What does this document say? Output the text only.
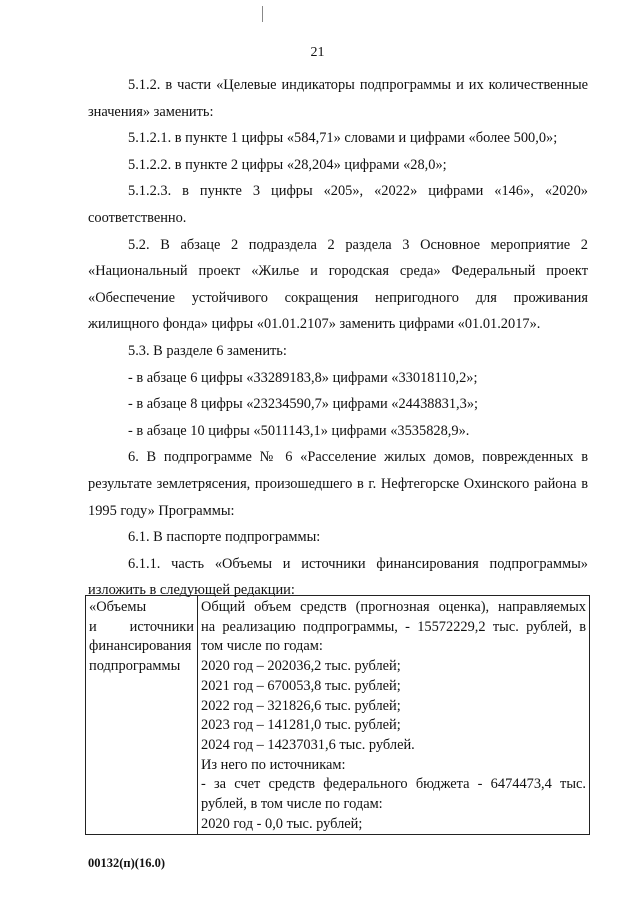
21

5.1.2. в части «Целевые индикаторы подпрограммы и их количественные значения» заменить:

5.1.2.1. в пункте 1 цифры «584,71» словами и цифрами «более 500,0»;

5.1.2.2. в пункте 2 цифры «28,204» цифрами «28,0»;

5.1.2.3. в пункте 3 цифры «205», «2022» цифрами «146», «2020» соответственно.

5.2. В абзаце 2 подраздела 2 раздела 3 Основное мероприятие 2 «Национальный проект «Жилье и городская среда» Федеральный проект «Обеспечение устойчивого сокращения непригодного для проживания жилищного фонда» цифры «01.01.2107» заменить цифрами «01.01.2017».

5.3. В разделе 6 заменить:

- в абзаце 6 цифры «33289183,8» цифрами «33018110,2»;

- в абзаце 8 цифры «23234590,7» цифрами «24438831,3»;

- в абзаце 10 цифры «5011143,1» цифрами «3535828,9».

6. В подпрограмме № 6 «Расселение жилых домов, поврежденных в результате землетрясения, произошедшего в г. Нефтегорске Охинского района в 1995 году» Программы:

6.1. В паспорте подпрограммы:

6.1.1. часть «Объемы и источники финансирования подпрограммы» изложить в следующей редакции:

«Объемы
и источники
финансирования
подпрограммы

Общий объем средств (прогнозная оценка), направляемых
на реализацию подпрограммы, - 15572229,2 тыс. рублей, в
том числе по годам:
2020 год – 202036,2 тыс. рублей;
2021 год – 670053,8 тыс. рублей;
2022 год – 321826,6 тыс. рублей;
2023 год – 141281,0 тыс. рублей;
2024 год – 14237031,6 тыс. рублей.
Из него по источникам:
- за счет средств федерального бюджета - 6474473,4 тыс.
рублей, в том числе по годам:
2020 год - 0,0 тыс. рублей;
00132(п)(16.0)
